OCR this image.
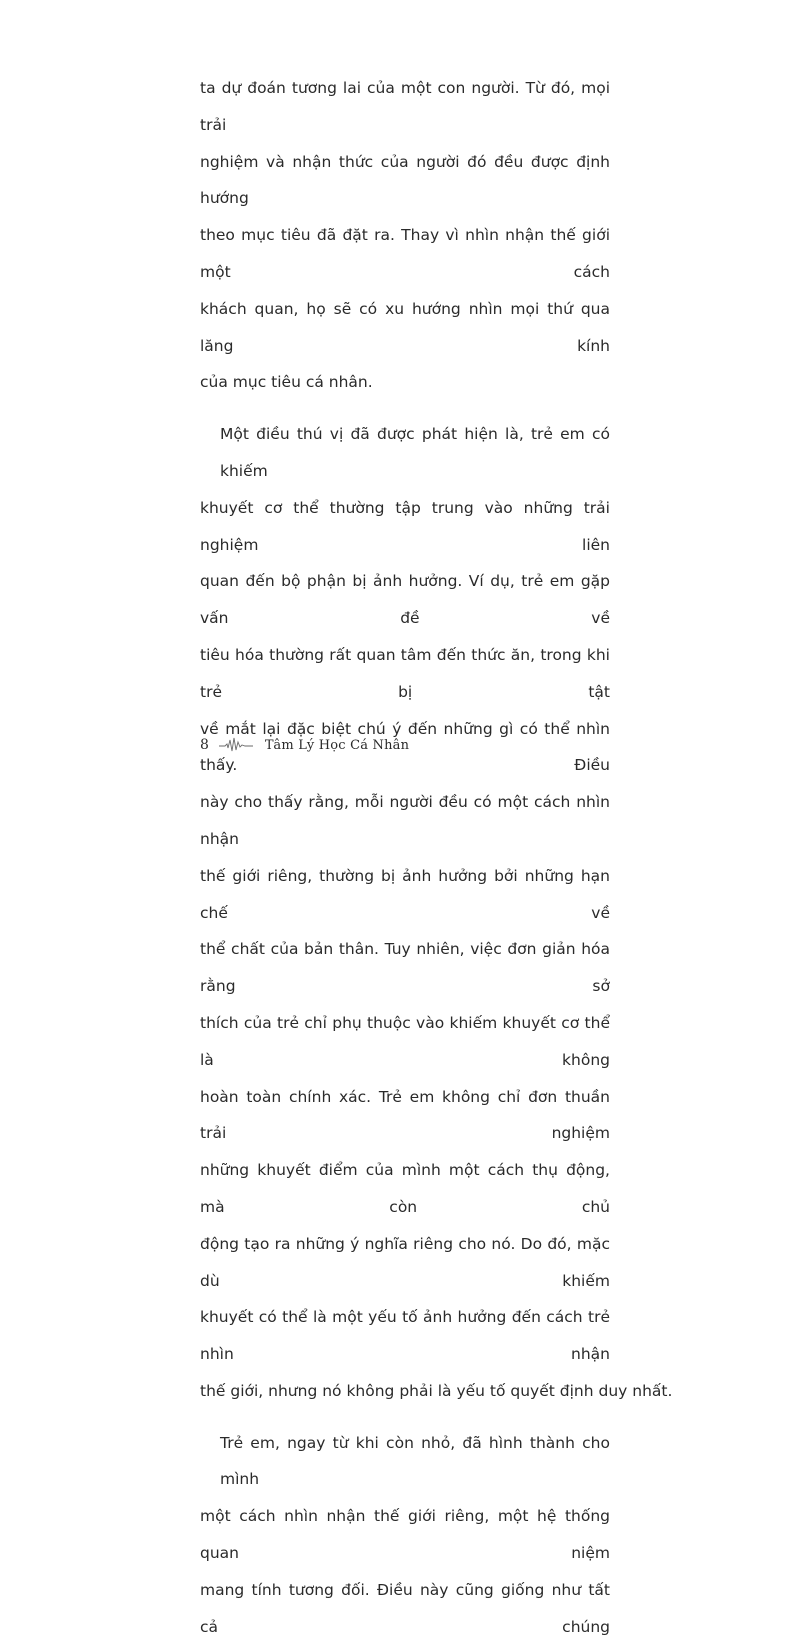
ta dự đoán tương lai của một con người. Từ đó, mọi trải
nghiệm và nhận thức của người đó đều được định hướng
theo mục tiêu đã đặt ra. Thay vì nhìn nhận thế giới một cách
khách quan, họ sẽ có xu hướng nhìn mọi thứ qua lăng kính
của mục tiêu cá nhân.
Một điều thú vị đã được phát hiện là, trẻ em có khiếm
khuyết cơ thể thường tập trung vào những trải nghiệm liên
quan đến bộ phận bị ảnh hưởng. Ví dụ, trẻ em gặp vấn đề về
tiêu hóa thường rất quan tâm đến thức ăn, trong khi trẻ bị tật
về mắt lại đặc biệt chú ý đến những gì có thể nhìn thấy. Điều
này cho thấy rằng, mỗi người đều có một cách nhìn nhận
thế giới riêng, thường bị ảnh hưởng bởi những hạn chế về
thể chất của bản thân. Tuy nhiên, việc đơn giản hóa rằng sở
thích của trẻ chỉ phụ thuộc vào khiếm khuyết cơ thể là không
hoàn toàn chính xác. Trẻ em không chỉ đơn thuần trải nghiệm
những khuyết điểm của mình một cách thụ động, mà còn chủ
động tạo ra những ý nghĩa riêng cho nó. Do đó, mặc dù khiếm
khuyết có thể là một yếu tố ảnh hưởng đến cách trẻ nhìn nhận
thế giới, nhưng nó không phải là yếu tố quyết định duy nhất.
Trẻ em, ngay từ khi còn nhỏ, đã hình thành cho mình
một cách nhìn nhận thế giới riêng, một hệ thống quan niệm
mang tính tương đối. Điều này cũng giống như tất cả chúng
8	Tâm Lý Học Cá Nhân
